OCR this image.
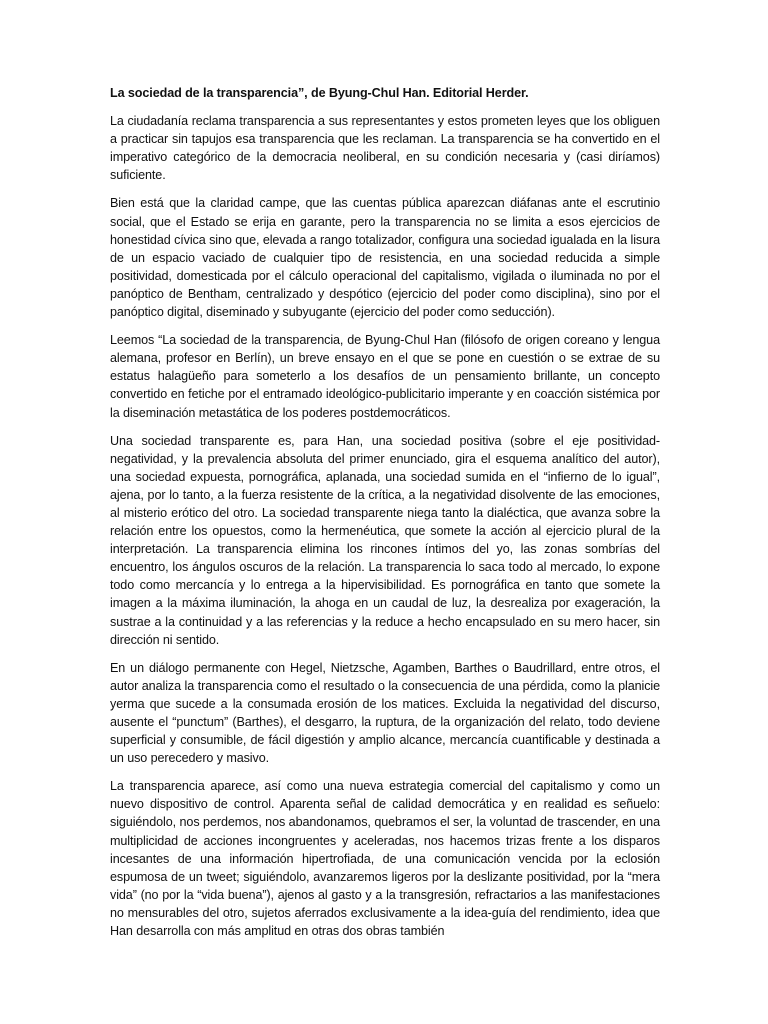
La sociedad de la transparencia”, de Byung-Chul Han. Editorial Herder.

La ciudadanía reclama transparencia a sus representantes y estos prometen leyes que los obliguen a practicar sin tapujos esa transparencia que les reclaman. La transparencia se ha convertido en el imperativo categórico de la democracia neoliberal, en su condición necesaria y (casi diríamos) suficiente.

Bien está que la claridad campe, que las cuentas pública aparezcan diáfanas ante el escrutinio social, que el Estado se erija en garante, pero la transparencia no se limita a esos ejercicios de honestidad cívica sino que, elevada a rango totalizador, configura una sociedad igualada en la lisura de un espacio vaciado de cualquier tipo de resistencia, en una sociedad reducida a simple positividad, domesticada por el cálculo operacional del capitalismo, vigilada o iluminada no por el panóptico de Bentham, centralizado y despótico (ejercicio del poder como disciplina), sino por el panóptico digital, diseminado y subyugante (ejercicio del poder como seducción).

Leemos “La sociedad de la transparencia, de Byung-Chul Han (filósofo de origen coreano y lengua alemana, profesor en Berlín), un breve ensayo en el que se pone en cuestión o se extrae de su estatus halagüeño para someterlo a los desafíos de un pensamiento brillante, un concepto convertido en fetiche por el entramado ideológico-publicitario imperante y en coacción sistémica por la diseminación metastática de los poderes postdemocráticos.

Una sociedad transparente es, para Han, una sociedad positiva (sobre el eje positividad-negatividad, y la prevalencia absoluta del primer enunciado, gira el esquema analítico del autor), una sociedad expuesta, pornográfica, aplanada, una sociedad sumida en el “infierno de lo igual”, ajena, por lo tanto, a la fuerza resistente de la crítica, a la negatividad disolvente de las emociones, al misterio erótico del otro. La sociedad transparente niega tanto la dialéctica, que avanza sobre la relación entre los opuestos, como la hermenéutica, que somete la acción al ejercicio plural de la interpretación. La transparencia elimina los rincones íntimos del yo, las zonas sombrías del encuentro, los ángulos oscuros de la relación. La transparencia lo saca todo al mercado, lo expone todo como mercancía y lo entrega a la hipervisibilidad. Es pornográfica en tanto que somete la imagen a la máxima iluminación, la ahoga en un caudal de luz, la desrealiza por exageración, la sustrae a la continuidad y a las referencias y la reduce a hecho encapsulado en su mero hacer, sin dirección ni sentido.

En un diálogo permanente con Hegel, Nietzsche, Agamben, Barthes o Baudrillard, entre otros, el autor analiza la transparencia como el resultado o la consecuencia de una pérdida, como la planicie yerma que sucede a la consumada erosión de los matices. Excluida la negatividad del discurso, ausente el “punctum” (Barthes), el desgarro, la ruptura, de la organización del relato, todo deviene superficial y consumible, de fácil digestión y amplio alcance, mercancía cuantificable y destinada a un uso perecedero y masivo.

La transparencia aparece, así como una nueva estrategia comercial del capitalismo y como un nuevo dispositivo de control. Aparenta señal de calidad democrática y en realidad es señuelo: siguiéndolo, nos perdemos, nos abandonamos, quebramos el ser, la voluntad de trascender, en una multiplicidad de acciones incongruentes y aceleradas, nos hacemos trizas frente a los disparos incesantes de una información hipertrofiada, de una comunicación vencida por la eclosión espumosa de un tweet; siguiéndolo, avanzaremos ligeros por la deslizante positividad, por la “mera vida” (no por la “vida buena”), ajenos al gasto y a la transgresión, refractarios a las manifestaciones no mensurables del otro, sujetos aferrados exclusivamente a la idea-guía del rendimiento, idea que Han desarrolla con más amplitud en otras dos obras también
